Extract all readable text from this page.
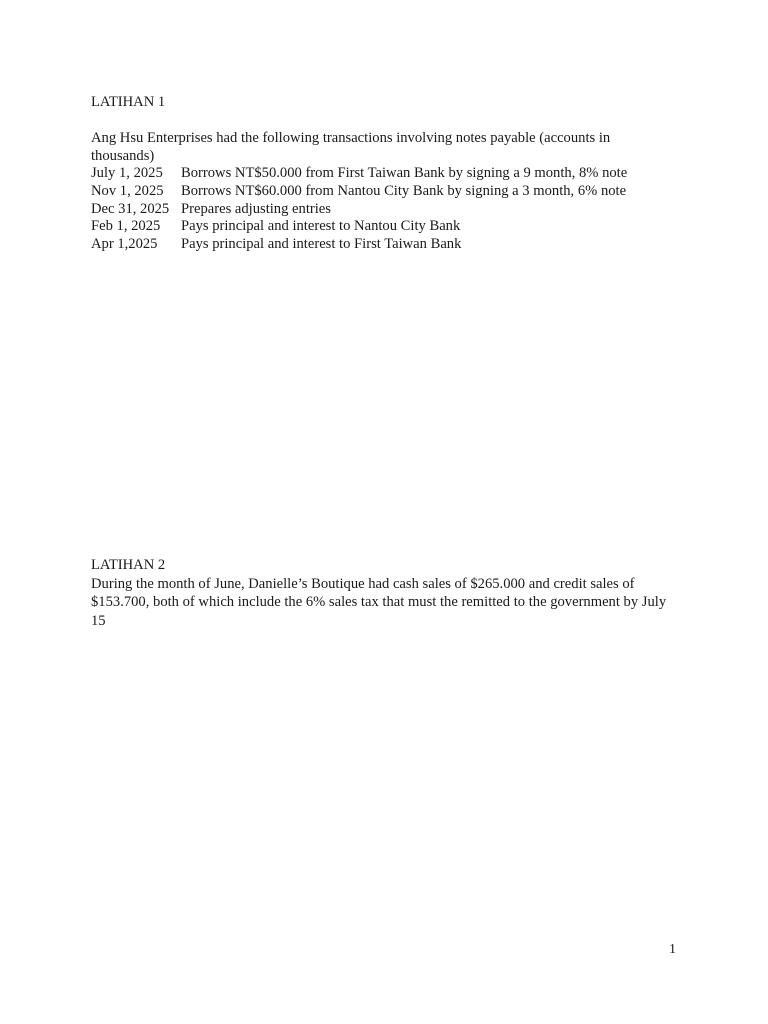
LATIHAN 1
Ang Hsu Enterprises had the following transactions involving notes payable (accounts in thousands)
July 1, 2025	Borrows NT$50.000 from First Taiwan Bank by signing a 9 month, 8% note
Nov 1, 2025	Borrows NT$60.000 from Nantou City Bank by signing a 3 month, 6% note
Dec 31, 2025 Prepares adjusting entries
Feb 1, 2025	Pays principal and interest to Nantou City Bank
Apr 1,2025	Pays principal and interest to First Taiwan Bank
LATIHAN 2
During the month of June, Danielle’s Boutique had cash sales of $265.000 and credit sales of $153.700, both of which include the 6% sales tax that must the remitted to the government by July 15
1
